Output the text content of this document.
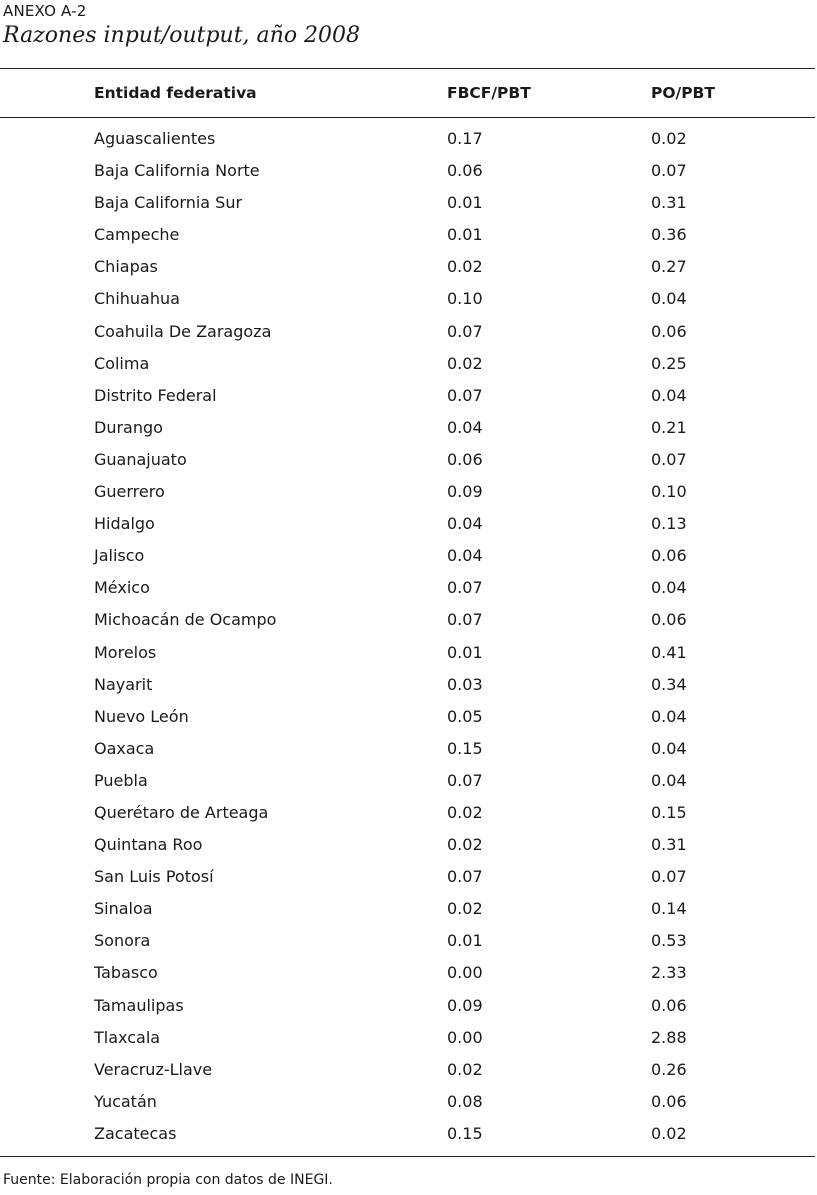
ANEXO A-2
Razones input/output, año 2008
Entidad federativa	FBCF/PBT	PO/PBT
Aguascalientes	0.17	0.02
Baja California Norte	0.06	0.07
Baja California Sur	0.01	0.31
Campeche	0.01	0.36
Chiapas	0.02	0.27
Chihuahua	0.10	0.04
Coahuila De Zaragoza	0.07	0.06
Colima	0.02	0.25
Distrito Federal	0.07	0.04
Durango	0.04	0.21
Guanajuato	0.06	0.07
Guerrero	0.09	0.10
Hidalgo	0.04	0.13
Jalisco	0.04	0.06
México	0.07	0.04
Michoacán de Ocampo	0.07	0.06
Morelos	0.01	0.41
Nayarit	0.03	0.34
Nuevo León	0.05	0.04
Oaxaca	0.15	0.04
Puebla	0.07	0.04
Querétaro de Arteaga	0.02	0.15
Quintana Roo	0.02	0.31
San Luis Potosí	0.07	0.07
Sinaloa	0.02	0.14
Sonora	0.01	0.53
Tabasco	0.00	2.33
Tamaulipas	0.09	0.06
Tlaxcala	0.00	2.88
Veracruz-Llave	0.02	0.26
Yucatán	0.08	0.06
Zacatecas	0.15	0.02
Fuente: Elaboración propia con datos de INEGI.
